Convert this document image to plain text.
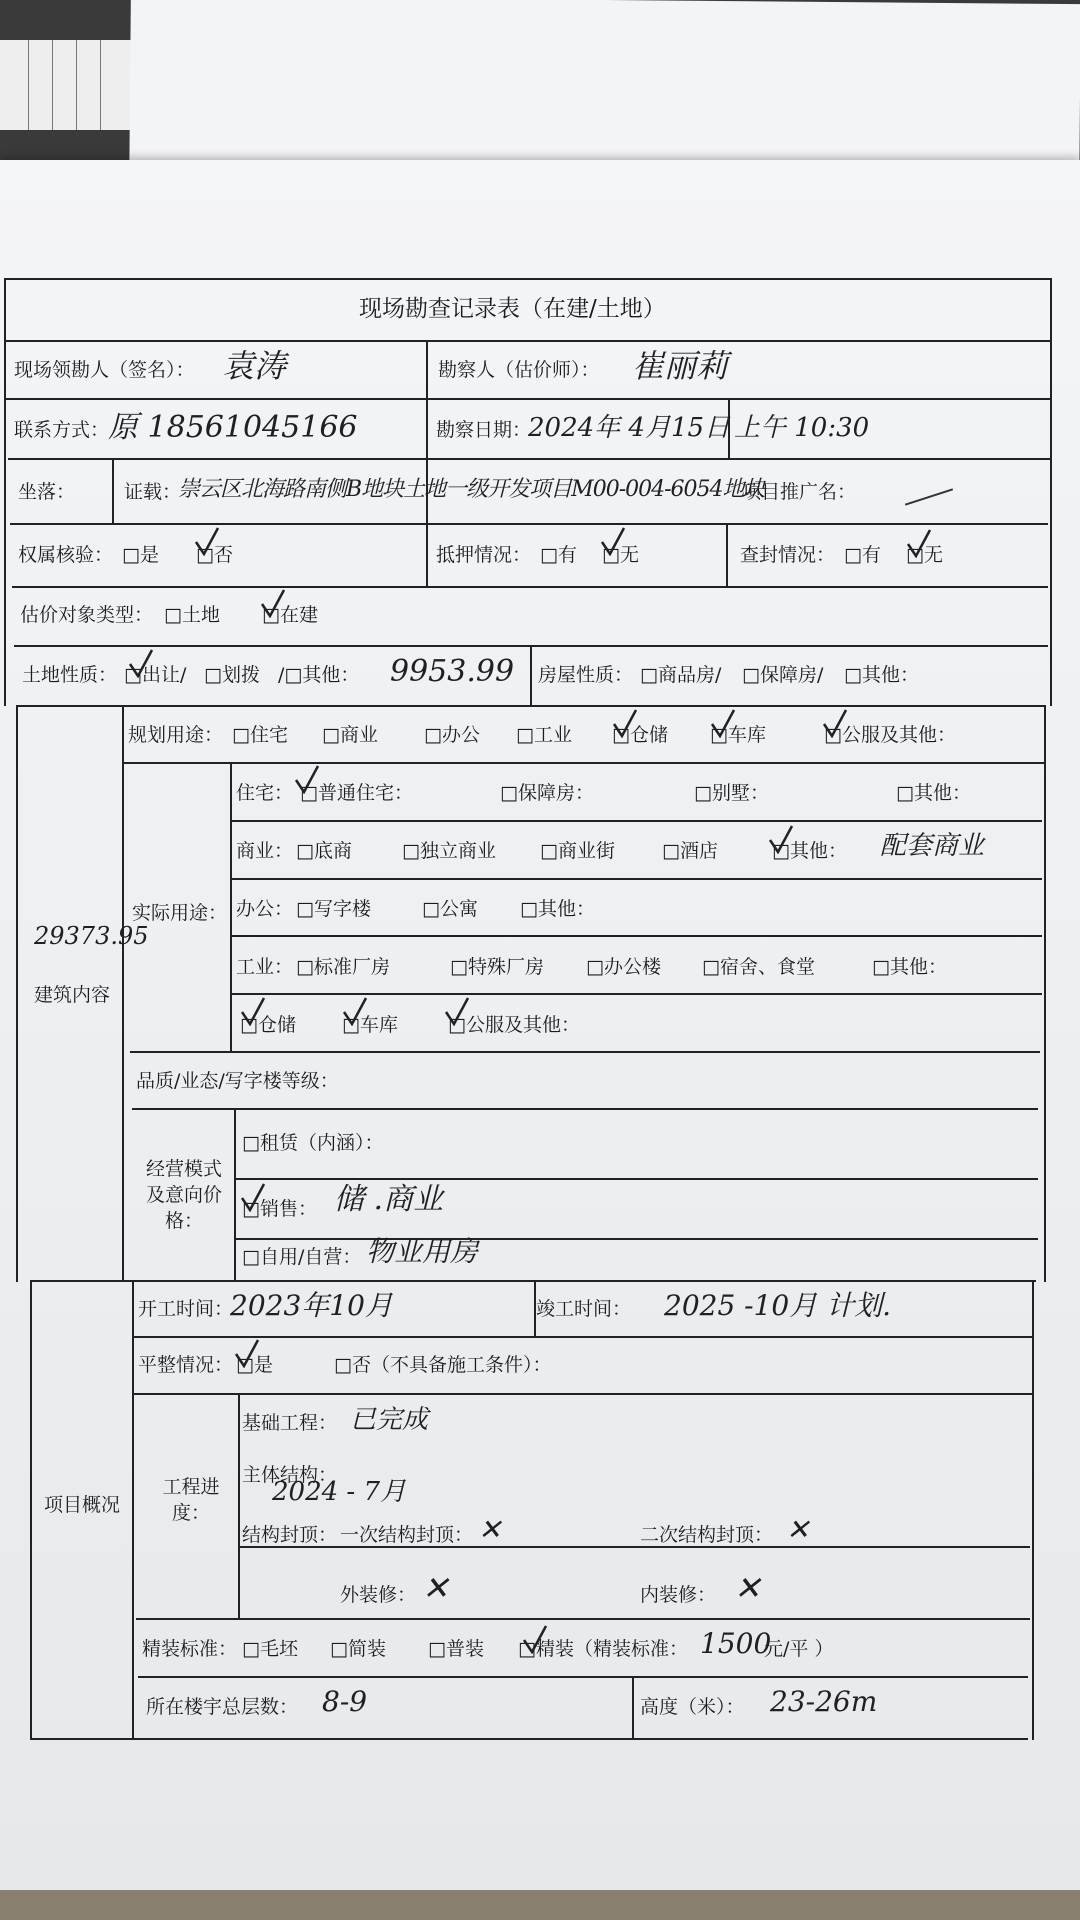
现场勘查记录表（在建/土地）
现场领勘人（签名）： 袁涛	勘察人（估价师）： 崔丽莉
联系方式：
原 18561045166	勘察日期：
2024年 4月15日 上午 10:30
坐落：	证载：
崇云区北海路南侧B地块土地一级开发项目M00-004-6054地块
项目推广名：
权属核验： □是 □否	抵押情况： □有 □无	查封情况： □有 □无
估价对象类型： □土地 □在建
土地性质： □出让/ □划拨 /□其他： 9953.99 房屋性质： □商品房/ □保障房/ □其他：
29373.95
建筑内容
规划用途： □住宅 □商业 □办公 □工业 □仓储 □车库	□公服及其他：
实际用途：
住宅： □普通住宅：	□保障房：	□别墅：	□其他：
商业： □底商	□独立商业 □商业街 □酒店	□其他： 配套商业
办公： □写字楼	□公寓 □其他：
工业： □标准厂房	□特殊厂房 □办公楼 □宿舍、食堂	□其他：
□仓储 □车库	□公服及其他：
品质/业态/写字楼等级：
经营模式及意向价格：
□租赁（内涵）：
□销售： 储 .商业
□自用/自营： 物业用房
项目概况
开工时间：
2023年10月	竣工时间： 2025 -10月 计划.
平整情况： □是	□否（不具备施工条件）：
工程进度：
基础工程： 已完成
主体结构：
2024 - 7月
结构封顶： 一次结构封顶： ✕	二次结构封顶： ✕
外装修： ✕	内装修： ✕
精装标准： □毛坯 □简装 □普装 □精装（精装标准： 1500
元/平 ）
所在楼宇总层数： 8-9	高度（米）： 23-26m
